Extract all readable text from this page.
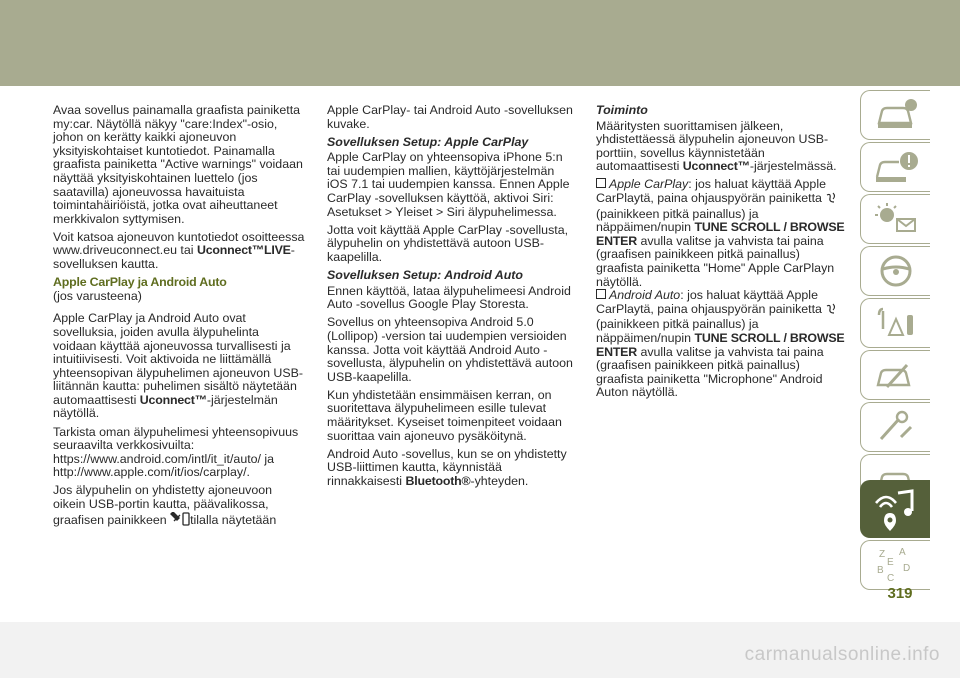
Avaa sovellus painamalla graafista painiketta my:car. Näytöllä näkyy "care:Index"-osio, johon on kerätty kaikki ajoneuvon yksityiskohtaiset kuntotiedot. Painamalla graafista painiketta "Active warnings" voidaan näyttää yksityiskohtainen luettelo (jos saatavilla) ajoneuvossa havaituista toimintahäiriöistä, jotka ovat aiheuttaneet merkkivalon syttymisen.

Voit katsoa ajoneuvon kuntotiedot osoitteessa www.driveuconnect.eu tai Uconnect™LIVE-sovelluksen kautta.

Apple CarPlay ja Android Auto

(jos varusteena)

Apple CarPlay ja Android Auto ovat sovelluksia, joiden avulla älypuhelinta voidaan käyttää ajoneuvossa turvallisesti ja intuitiivisesti. Voit aktivoida ne liittämällä yhteensopivan älypuhelimen ajoneuvon USB-liitännän kautta: puhelimen sisältö näytetään automaattisesti Uconnect™-järjestelmän näytöllä.

Tarkista oman älypuhelimesi yhteensopivuus seuraavilta verkkosivuilta: https://www.android.com/intl/it_it/auto/ ja http://www.apple.com/it/ios/carplay/.

Jos älypuhelin on yhdistetty ajoneuvoon oikein USB-portin kautta, päävalikossa, graafisen painikkeen tilalla näytetään

Apple CarPlay- tai Android Auto -sovelluksen kuvake.

Sovelluksen Setup: Apple CarPlay

Apple CarPlay on yhteensopiva iPhone 5:n tai uudempien mallien, käyttöjärjestelmän iOS 7.1 tai uudempien kanssa. Ennen Apple CarPlay -sovelluksen käyttöä, aktivoi Siri: Asetukset > Yleiset > Siri älypuhelimessa.

Jotta voit käyttää Apple CarPlay -sovellusta, älypuhelin on yhdistettävä autoon USB-kaapelilla.

Sovelluksen Setup: Android Auto

Ennen käyttöä, lataa älypuhelimeesi Android Auto -sovellus Google Play Storesta.

Sovellus on yhteensopiva Android 5.0 (Lollipop) -version tai uudempien versioiden kanssa. Jotta voit käyttää Android Auto -sovellusta, älypuhelin on yhdistettävä autoon USB-kaapelilla.

Kun yhdistetään ensimmäisen kerran, on suoritettava älypuhelimeen esille tulevat määritykset. Kyseiset toimenpiteet voidaan suorittaa vain ajoneuvo pysäköitynä.

Android Auto -sovellus, kun se on yhdistetty USB-liittimen kautta, käynnistää rinnakkaisesti Bluetooth®-yhteyden.

Toiminto

Määritysten suorittamisen jälkeen, yhdistettäessä älypuhelin ajoneuvon USB-porttiin, sovellus käynnistetään automaattisesti Uconnect™-järjestelmässä.

Apple CarPlay: jos haluat käyttää Apple CarPlaytä, paina ohjauspyörän painiketta (painikkeen pitkä painallus) ja näppäimen/nupin TUNE SCROLL / BROWSE ENTER avulla valitse ja vahvista tai paina (graafisen painikkeen pitkä painallus) graafista painiketta "Home" Apple CarPlayn näytöllä.

Android Auto: jos haluat käyttää Apple CarPlaytä, paina ohjauspyörän painiketta (painikkeen pitkä painallus) ja näppäimen/nupin TUNE SCROLL / BROWSE ENTER avulla valitse ja vahvista tai paina (graafisen painikkeen pitkä painallus) graafista painiketta "Microphone" Android Auton näytöllä.

Z A
E
B D
C
319
carmanualsonline.info
